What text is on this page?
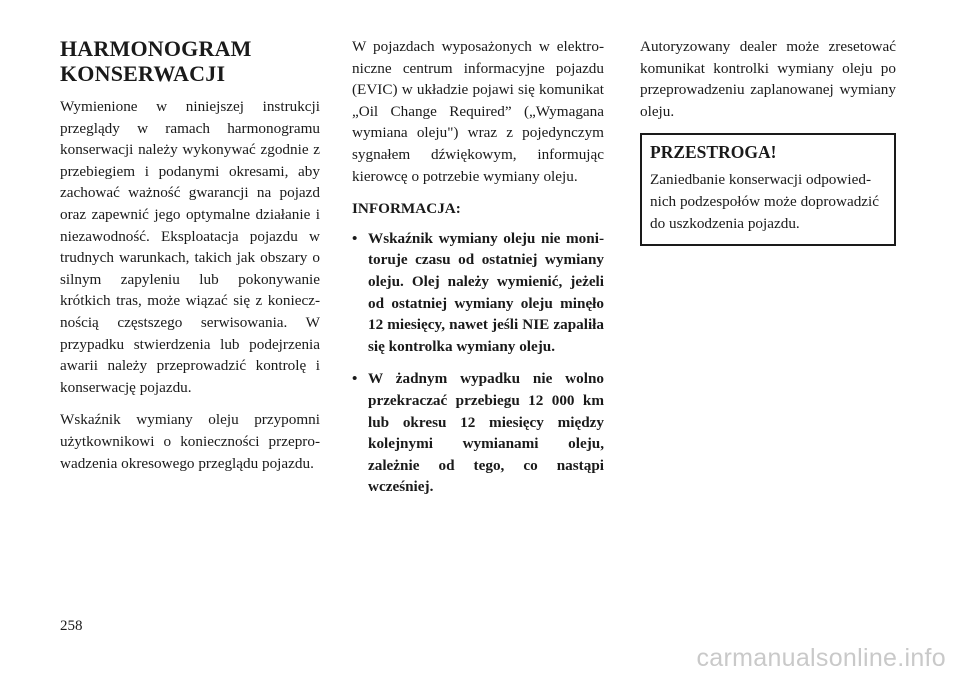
HARMONOGRAM
KONSERWACJI

Wymienione w niniejszej instrukcji przeglądy w ramach harmonogramu konserwacji należy wykonywać zgodnie z przebiegiem i podanymi okresami, aby zachować ważność gwarancji na pojazd oraz zapewnić jego optymalne działanie i niezawodność. Eksploatacja pojazdu w trudnych warunkach, takich jak obszary o silnym zapyleniu lub pokonywanie krótkich tras, może wiązać się z koniecznością częstszego serwisowania. W przypadku stwierdzenia lub podejrzenia awarii należy przeprowadzić kontrolę i konserwację pojazdu.

Wskaźnik wymiany oleju przypomni użytkownikowi o konieczności przeprowadzenia okresowego przeglądu pojazdu.

W pojazdach wyposażonych w elektroniczne centrum informacyjne pojazdu (EVIC) w układzie pojawi się komunikat „Oil Change Required” („Wymagana wymiana oleju") wraz z pojedynczym sygnałem dźwiękowym, informując kierowcę o potrzebie wymiany oleju.

INFORMACJA:
• Wskaźnik wymiany oleju nie monitoruje czasu od ostatniej wymiany oleju. Olej należy wymienić, jeżeli od ostatniej wymiany oleju minęło 12 miesięcy, nawet jeśli NIE zapaliła się kontrolka wymiany oleju.
• W żadnym wypadku nie wolno przekraczać przebiegu 12 000 km lub okresu 12 miesięcy między kolejnymi wymianami oleju, zależnie od tego, co nastąpi wcześniej.

Autoryzowany dealer może zresetować komunikat kontrolki wymiany oleju po przeprowadzeniu zaplanowanej wymiany oleju.

PRZESTROGA!

Zaniedbanie konserwacji odpowiednich podzespołów może doprowadzić do uszkodzenia pojazdu.

258
carmanualsonline.info
